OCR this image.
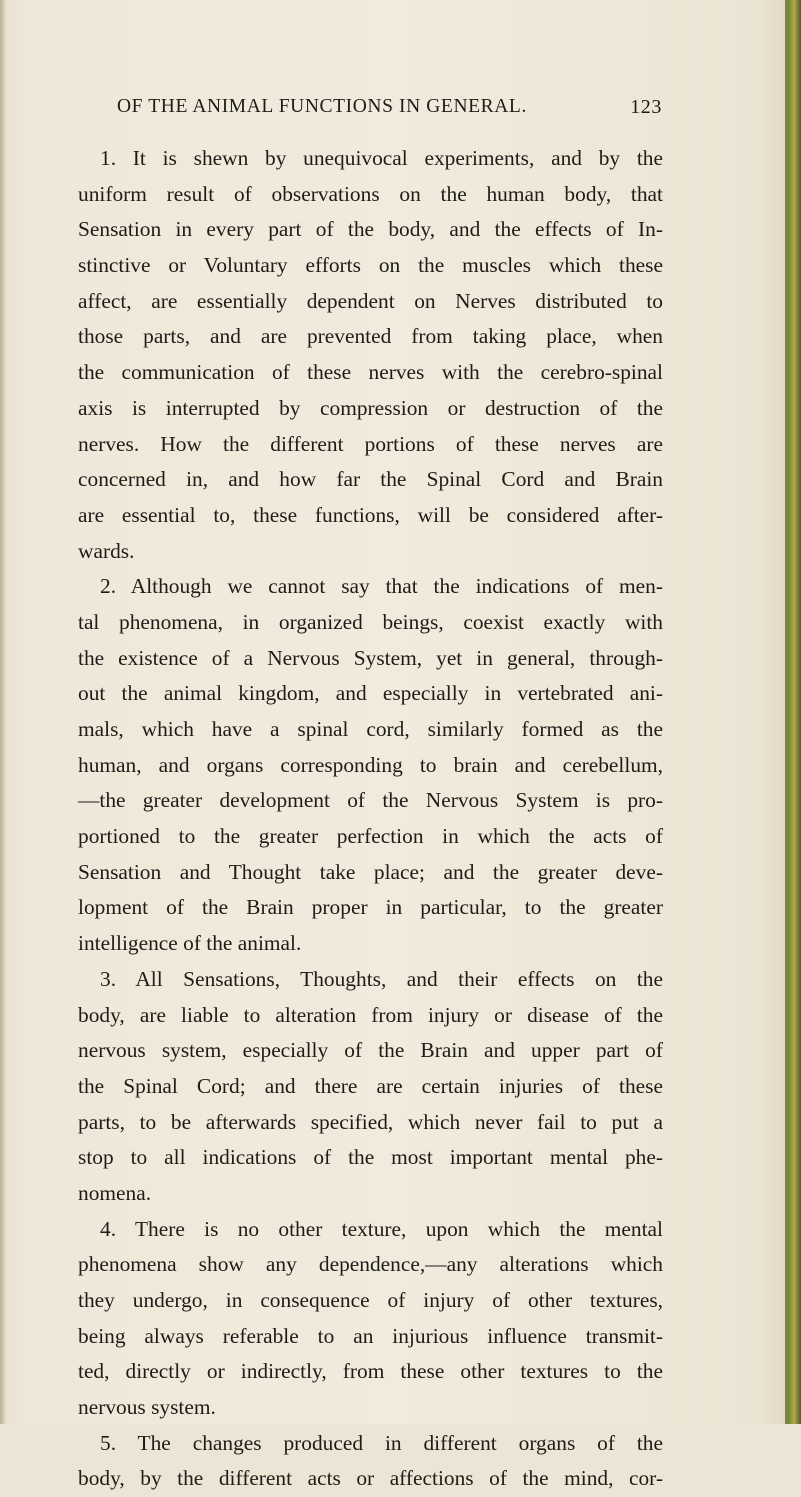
OF THE ANIMAL FUNCTIONS IN GENERAL.	123
1. It is shewn by unequivocal experiments, and by the
uniform result of observations on the human body, that
Sensation in every part of the body, and the effects of In-
stinctive or Voluntary efforts on the muscles which these
affect, are essentially dependent on Nerves distributed to
those parts, and are prevented from taking place, when
the communication of these nerves with the cerebro-spinal
axis is interrupted by compression or destruction of the
nerves. How the different portions of these nerves are
concerned in, and how far the Spinal Cord and Brain
are essential to, these functions, will be considered after-
wards.
2. Although we cannot say that the indications of men-
tal phenomena, in organized beings, coexist exactly with
the existence of a Nervous System, yet in general, through-
out the animal kingdom, and especially in vertebrated ani-
mals, which have a spinal cord, similarly formed as the
human, and organs corresponding to brain and cerebellum,
—the greater development of the Nervous System is pro-
portioned to the greater perfection in which the acts of
Sensation and Thought take place; and the greater deve-
lopment of the Brain proper in particular, to the greater
intelligence of the animal.
3. All Sensations, Thoughts, and their effects on the
body, are liable to alteration from injury or disease of the
nervous system, especially of the Brain and upper part of
the Spinal Cord; and there are certain injuries of these
parts, to be afterwards specified, which never fail to put a
stop to all indications of the most important mental phe-
nomena.
4. There is no other texture, upon which the mental
phenomena show any dependence,—any alterations which
they undergo, in consequence of injury of other textures,
being always referable to an injurious influence transmit-
ted, directly or indirectly, from these other textures to the
nervous system.
5. The changes produced in different organs of the
body, by the different acts or affections of the mind, cor-
